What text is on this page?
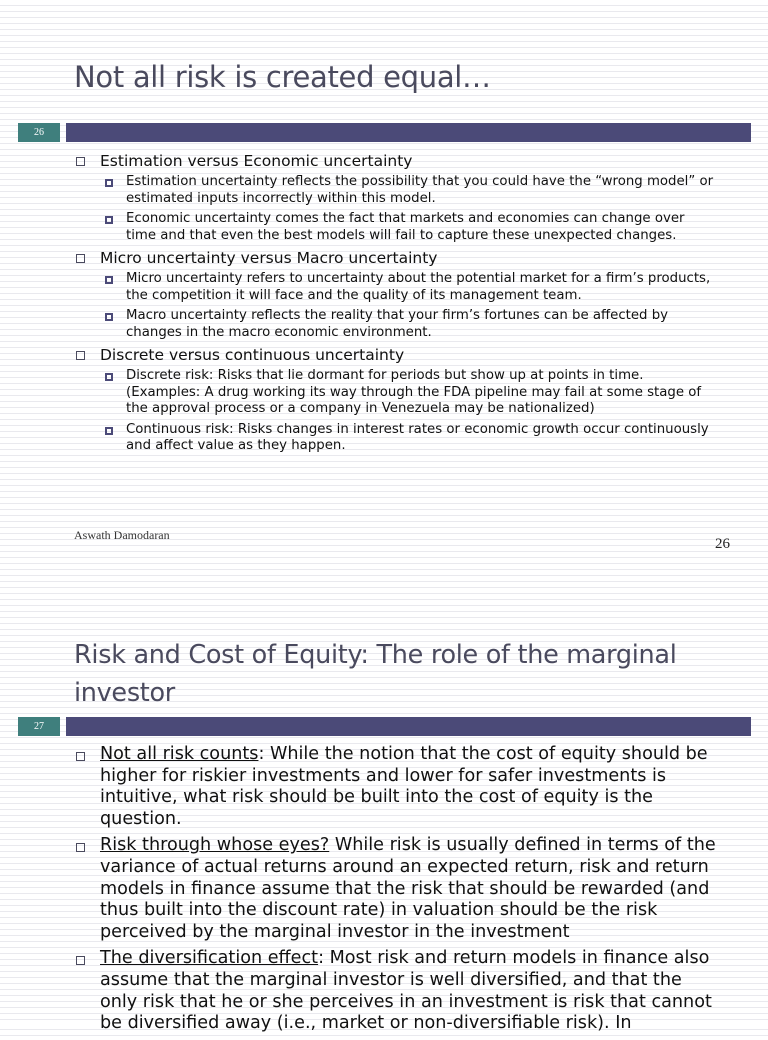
Not all risk is created equal…
26
Estimation versus Economic uncertainty
Estimation uncertainty reflects the possibility that you could have the “wrong model” or estimated inputs incorrectly within this model.
Economic uncertainty comes the fact that markets and economies can change over time and that even the best models will fail to capture these unexpected changes.
Micro uncertainty versus Macro uncertainty
Micro uncertainty refers to uncertainty about the potential market for a firm’s products, the competition it will face and the quality of its management team.
Macro uncertainty reflects the reality that your firm’s fortunes can be affected by changes in the macro economic environment.
Discrete versus continuous uncertainty
Discrete risk: Risks that lie dormant for periods but show up at points in time. (Examples: A drug working its way through the FDA pipeline may fail at some stage of the approval process or a company in Venezuela may be nationalized)
Continuous risk: Risks changes in interest rates or economic growth occur continuously and affect value as they happen.
Aswath Damodaran
26
Risk and Cost of Equity: The role of the marginal investor
27
Not all risk counts: While the notion that the cost of equity should be higher for riskier investments and lower for safer investments is intuitive, what risk should be built into the cost of equity is the question.
Risk through whose eyes? While risk is usually defined in terms of the variance of actual returns around an expected return, risk and return models in finance assume that the risk that should be rewarded (and thus built into the discount rate) in valuation should be the risk perceived by the marginal investor in the investment
The diversification effect: Most risk and return models in finance also assume that the marginal investor is well diversified, and that the only risk that he or she perceives in an investment is risk that cannot be diversified away (i.e., market or non-diversifiable risk). In
